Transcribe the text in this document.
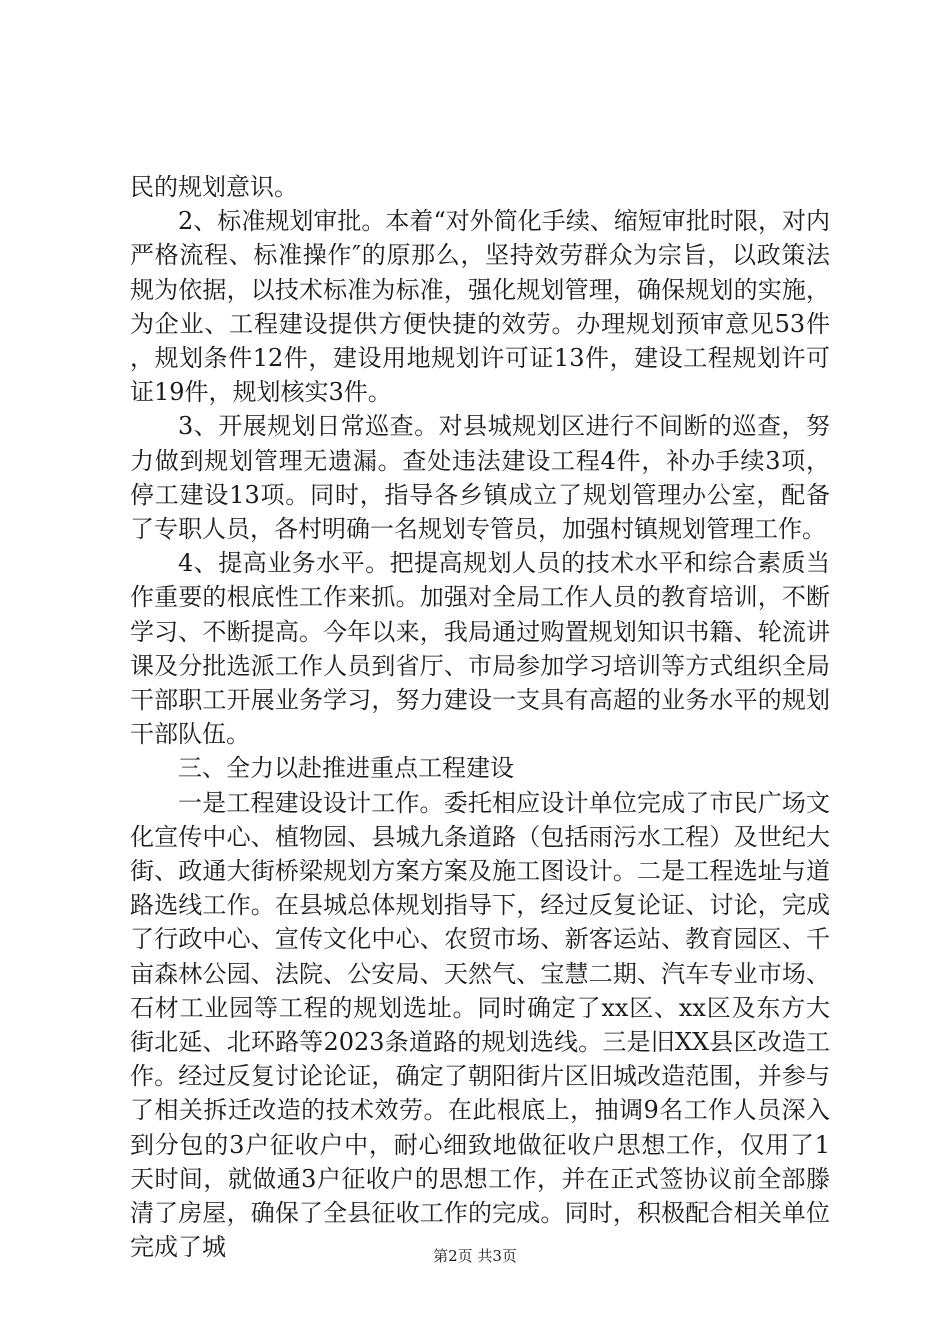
民的规划意识。

2、标准规划审批。本着“对外简化手续、缩短审批时限，对内严格流程、标准操作″的原那么，坚持效劳群众为宗旨，以政策法规为依据，以技术标准为标准，强化规划管理，确保规划的实施，为企业、工程建设提供方便快捷的效劳。办理规划预审意见53件，规划条件12件，建设用地规划许可证13件，建设工程规划许可证19件，规划核实3件。

3、开展规划日常巡查。对县城规划区进行不间断的巡查，努力做到规划管理无遗漏。查处违法建设工程4件，补办手续3项，停工建设13项。同时，指导各乡镇成立了规划管理办公室，配备了专职人员，各村明确一名规划专管员，加强村镇规划管理工作。

4、提高业务水平。把提高规划人员的技术水平和综合素质当作重要的根底性工作来抓。加强对全局工作人员的教育培训，不断学习、不断提高。今年以来，我局通过购置规划知识书籍、轮流讲课及分批选派工作人员到省厅、市局参加学习培训等方式组织全局干部职工开展业务学习，努力建设一支具有高超的业务水平的规划干部队伍。

三、全力以赴推进重点工程建设

一是工程建设设计工作。委托相应设计单位完成了市民广场文化宣传中心、植物园、县城九条道路（包括雨污水工程）及世纪大街、政通大街桥梁规划方案方案及施工图设计。二是工程选址与道路选线工作。在县城总体规划指导下，经过反复论证、讨论，完成了行政中心、宣传文化中心、农贸市场、新客运站、教育园区、千亩森林公园、法院、公安局、天然气、宝慧二期、汽车专业市场、石材工业园等工程的规划选址。同时确定了xx区、xx区及东方大街北延、北环路等2023条道路的规划选线。三是旧XX县区改造工作。经过反复讨论论证，确定了朝阳街片区旧城改造范围，并参与了相关拆迁改造的技术效劳。在此根底上，抽调9名工作人员深入到分包的3户征收户中，耐心细致地做征收户思想工作，仅用了1天时间，就做通3户征收户的思想工作，并在正式签协议前全部滕清了房屋，确保了全县征收工作的完成。同时，积极配合相关单位完成了城	第2页 共3页
